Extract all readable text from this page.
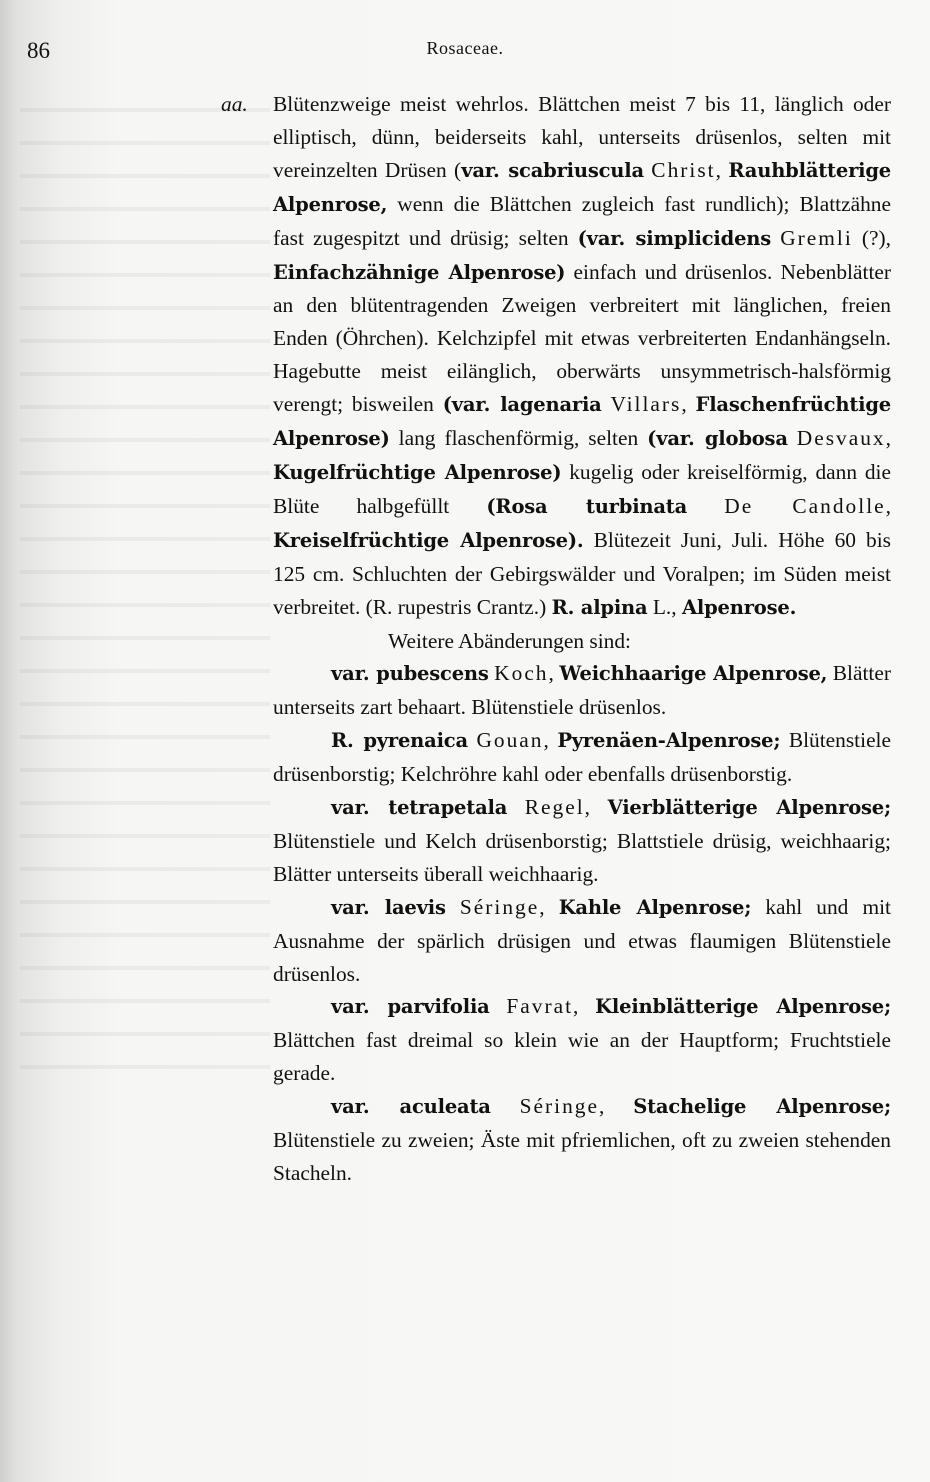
86	Rosaceae.

aa. Blütenzweige meist wehrlos. Blättchen meist 7 bis 11, länglich oder elliptisch, dünn, beiderseits kahl, unterseits drüsenlos, selten mit vereinzelten Drüsen (var. scabriuscula Christ, Rauhblätterige Alpenrose, wenn die Blättchen zugleich fast rundlich); Blattzähne fast zugespitzt und drüsig; selten (var. simplicidens Gremli (?), Einfachzähnige Alpenrose) einfach und drüsenlos. Nebenblätter an den blütentragenden Zweigen verbreitert mit länglichen, freien Enden (Öhrchen). Kelchzipfel mit etwas verbreiterten Endanhängseln. Hagebutte meist eilänglich, oberwärts unsymmetrisch-halsförmig verengt; bisweilen (var. lagenaria Villars, Flaschenfrüchtige Alpenrose) lang flaschenförmig, selten (var. globosa Desvaux, Kugelfrüchtige Alpenrose) kugelig oder kreiselförmig, dann die Blüte halbgefüllt (Rosa turbinata De Candolle, Kreiselfrüchtige Alpenrose). Blütezeit Juni, Juli. Höhe 60 bis 125 cm. Schluchten der Gebirgswälder und Voralpen; im Süden meist verbreitet. (R. rupestris Crantz.) R. alpina L., Alpenrose.

Weitere Abänderungen sind:

var. pubescens Koch, Weichhaarige Alpenrose, Blätter unterseits zart behaart. Blütenstiele drüsenlos.

R. pyrenaica Gouan, Pyrenäen-Alpenrose; Blütenstiele drüsenborstig; Kelchröhre kahl oder ebenfalls drüsenborstig.

var. tetrapetala Regel, Vierblätterige Alpenrose; Blütenstiele und Kelch drüsenborstig; Blattstiele drüsig, weichhaarig; Blätter unterseits überall weichhaarig.

var. laevis Séringe, Kahle Alpenrose; kahl und mit Ausnahme der spärlich drüsigen und etwas flaumigen Blütenstiele drüsenlos.

var. parvifolia Favrat, Kleinblätterige Alpenrose; Blättchen fast dreimal so klein wie an der Hauptform; Fruchtstiele gerade.

var. aculeata Séringe, Stachelige Alpenrose; Blütenstiele zu zweien; Äste mit pfriemlichen, oft zu zweien stehenden Stacheln.
